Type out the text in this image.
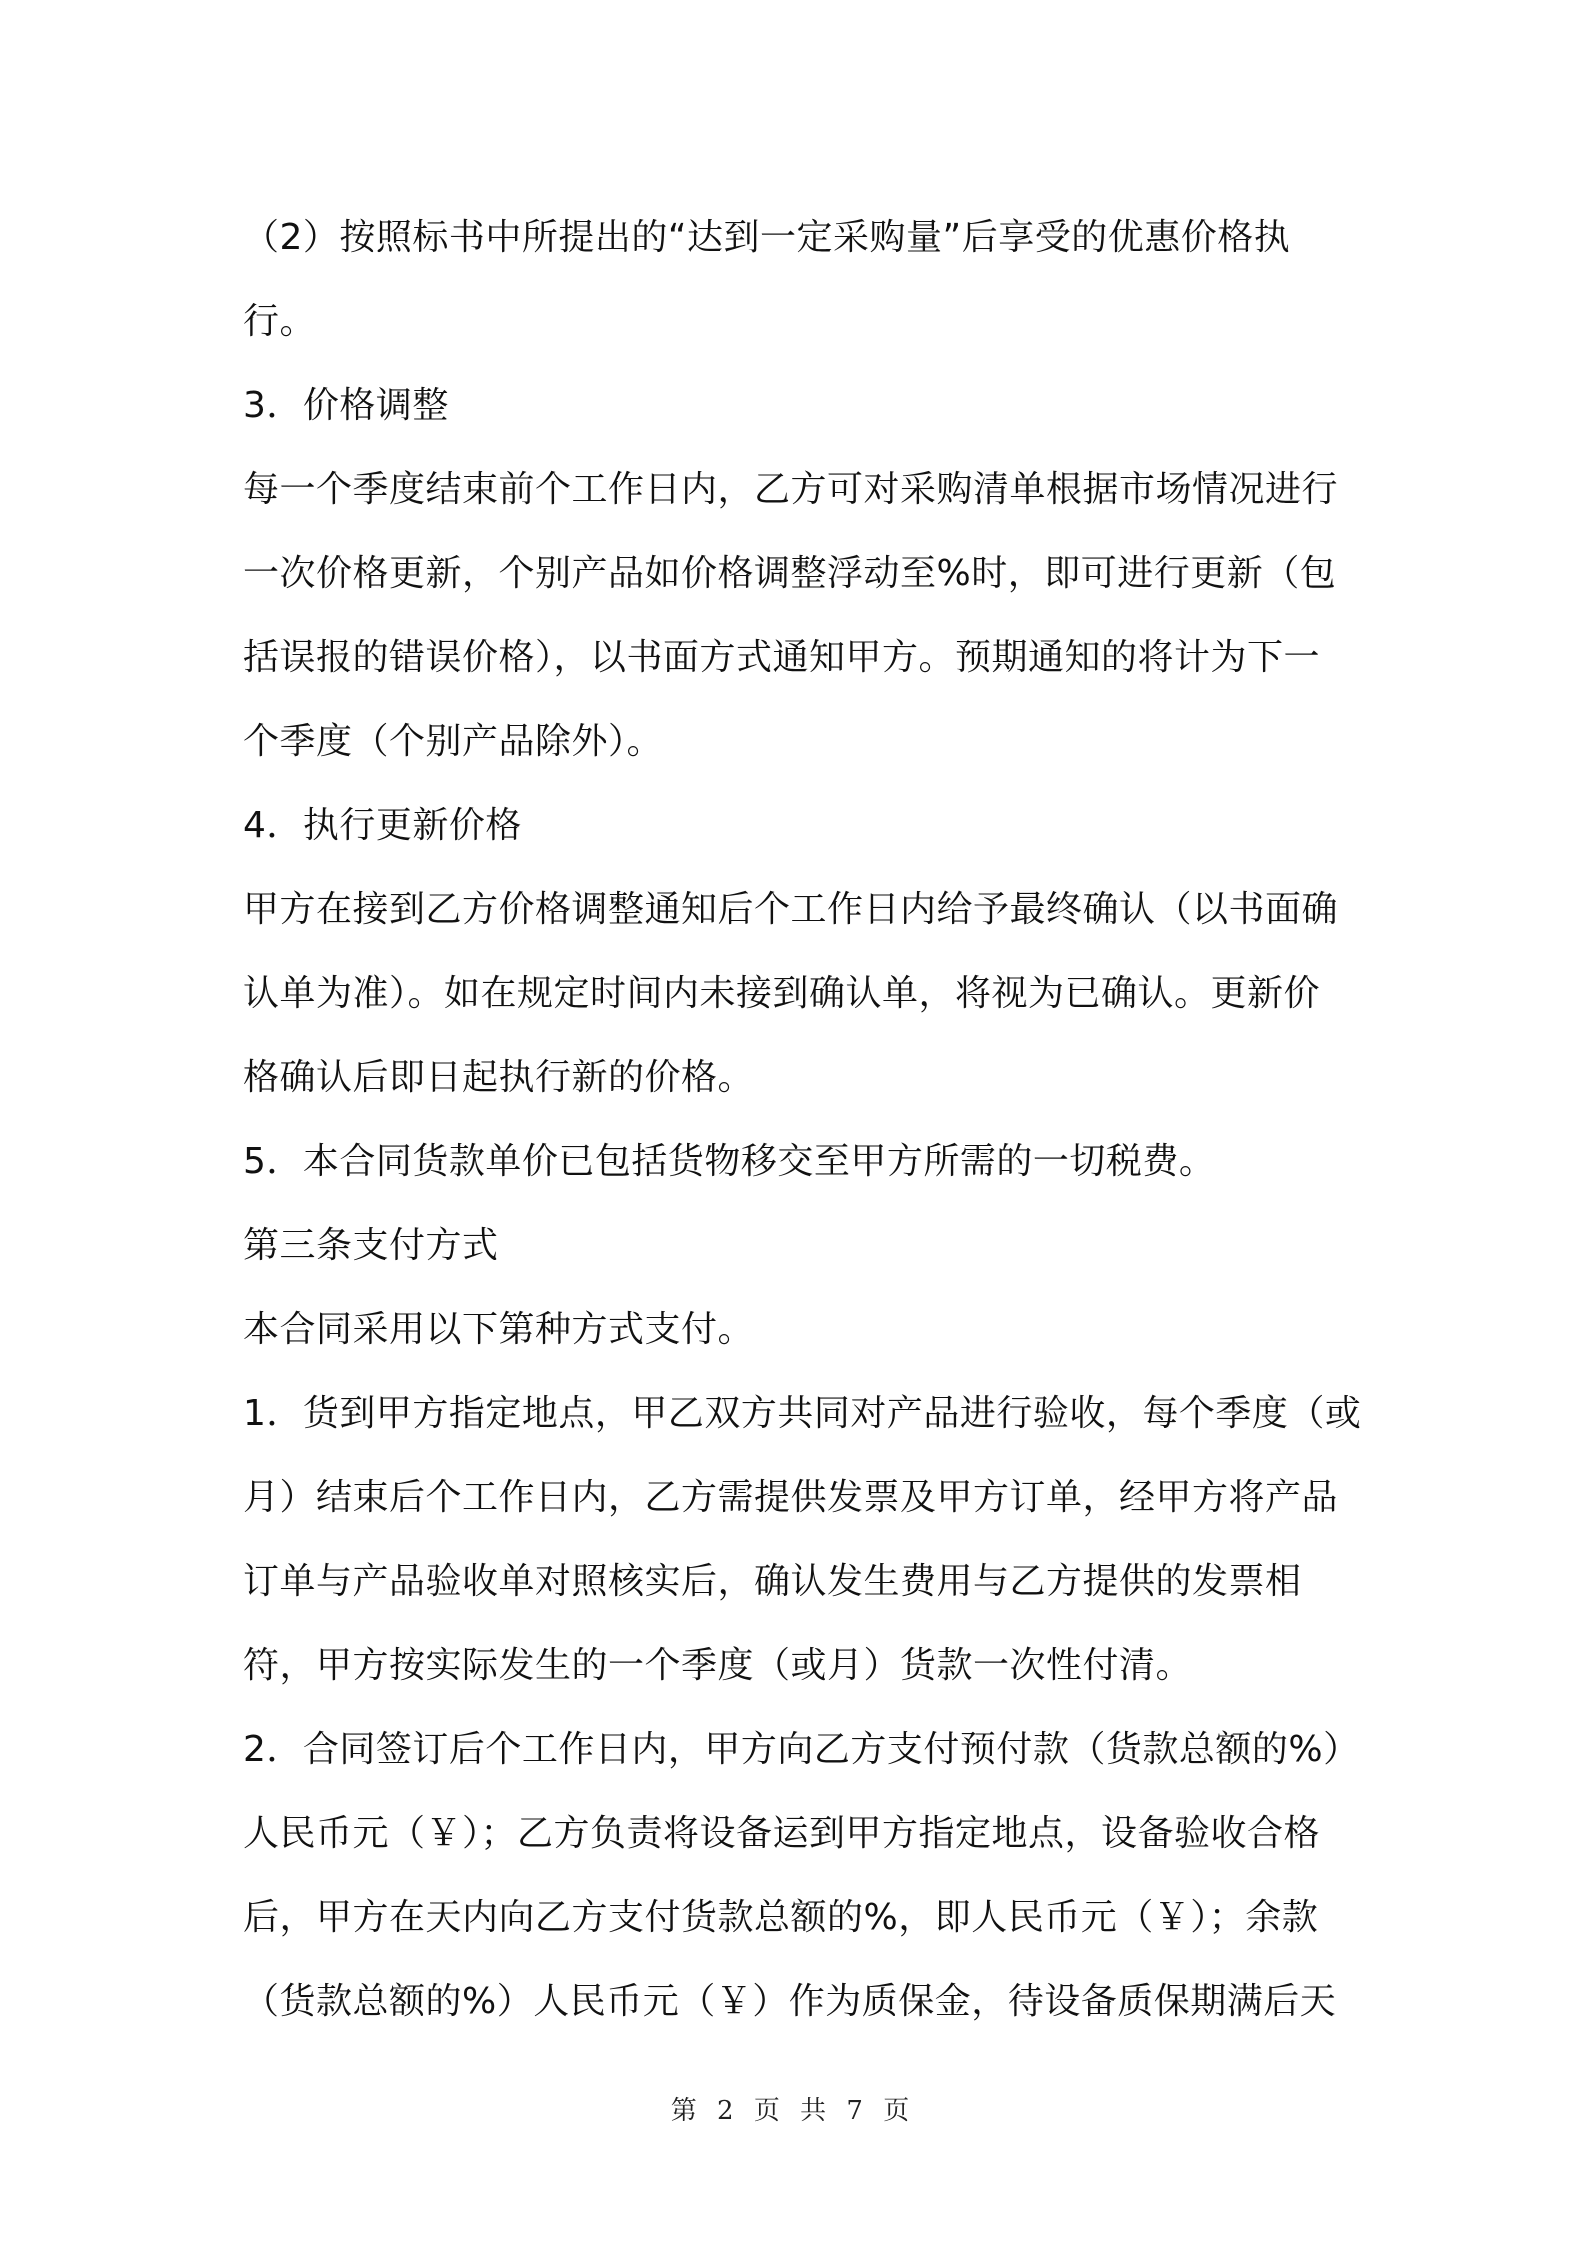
（2）按照标书中所提出的“达到一定采购量”后享受的优惠价格执
行。
3．价格调整
每一个季度结束前个工作日内，乙方可对采购清单根据市场情况进行
一次价格更新，个别产品如价格调整浮动至%时，即可进行更新（包
括误报的错误价格），以书面方式通知甲方。预期通知的将计为下一
个季度（个别产品除外）。
4．执行更新价格
甲方在接到乙方价格调整通知后个工作日内给予最终确认（以书面确
认单为准）。如在规定时间内未接到确认单，将视为已确认。更新价
格确认后即日起执行新的价格。
5．本合同货款单价已包括货物移交至甲方所需的一切税费。
第三条支付方式
本合同采用以下第种方式支付。
1．货到甲方指定地点，甲乙双方共同对产品进行验收，每个季度（或
月）结束后个工作日内，乙方需提供发票及甲方订单，经甲方将产品
订单与产品验收单对照核实后，确认发生费用与乙方提供的发票相
符，甲方按实际发生的一个季度（或月）货款一次性付清。
2．合同签订后个工作日内，甲方向乙方支付预付款（货款总额的%）
人民币元（￥）；乙方负责将设备运到甲方指定地点，设备验收合格
后，甲方在天内向乙方支付货款总额的%，即人民币元（￥）；余款
（货款总额的%）人民币元（￥）作为质保金，待设备质保期满后天
第 2 页 共 7 页
